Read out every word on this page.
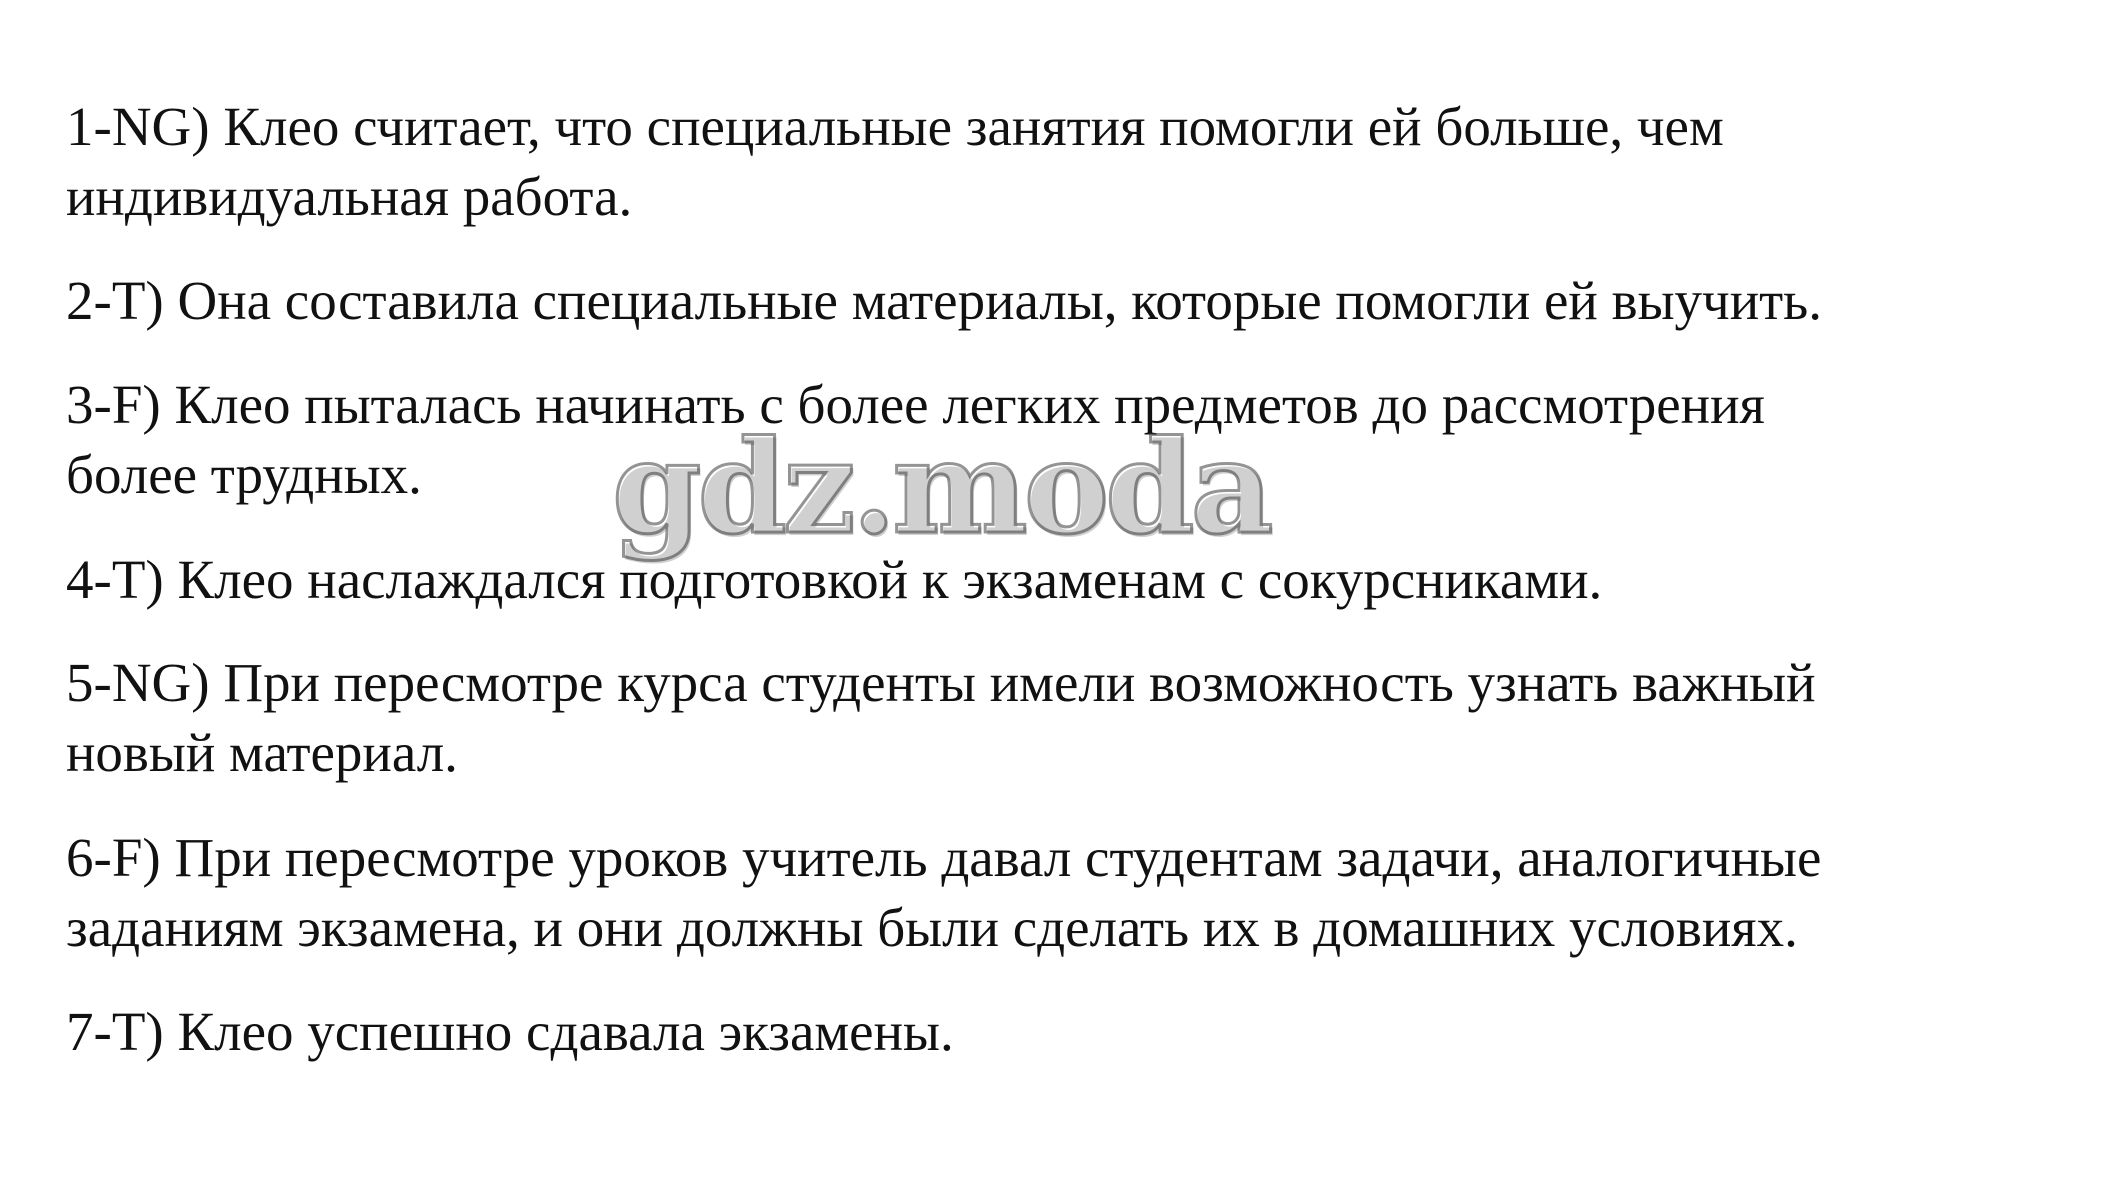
1-NG) Клео считает, что специальные занятия помогли ей больше, чем

индивидуальная работа.

2-T) Она составила специальные материалы, которые помогли ей выучить.

3-F) Клео пыталась начинать с более легких предметов до рассмотрения

более трудных.

4-T) Клео наслаждался подготовкой к экзаменам с сокурсниками.

5-NG) При пересмотре курса студенты имели возможность узнать важный

новый материал.

6-F) При пересмотре уроков учитель давал студентам задачи, аналогичные

заданиям экзамена, и они должны были сделать их в домашних условиях.

7-T) Клео успешно сдавала экзамены.

gdz.moda
